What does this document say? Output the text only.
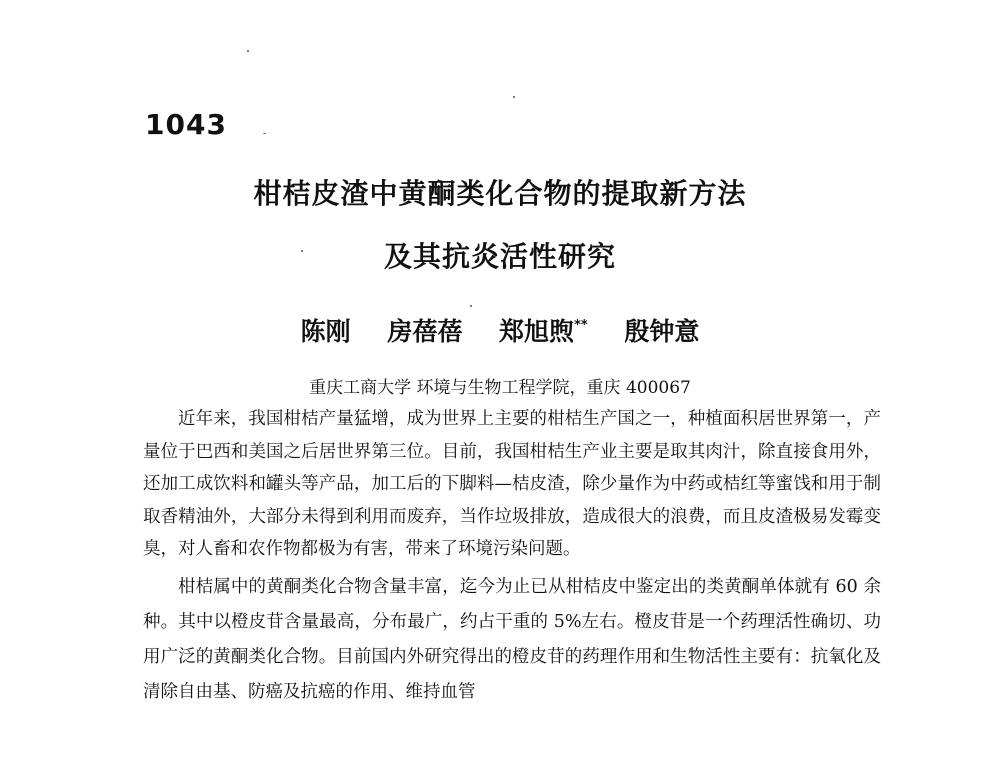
1043
柑桔皮渣中黄酮类化合物的提取新方法
及其抗炎活性研究
陈刚 房蓓蓓 郑旭煦** 殷钟意
重庆工商大学 环境与生物工程学院，重庆 400067

近年来，我国柑桔产量猛增，成为世界上主要的柑桔生产国之一，种植面积居世界第一，产量位于巴西和美国之后居世界第三位。目前，我国柑桔生产业主要是取其肉汁，除直接食用外，还加工成饮料和罐头等产品，加工后的下脚料—桔皮渣，除少量作为中药或桔红等蜜饯和用于制取香精油外，大部分未得到利用而废弃，当作垃圾排放，造成很大的浪费，而且皮渣极易发霉变臭，对人畜和农作物都极为有害，带来了环境污染问题。

柑桔属中的黄酮类化合物含量丰富，迄今为止已从柑桔皮中鉴定出的类黄酮单体就有 60 余种。其中以橙皮苷含量最高，分布最广，约占干重的 5%左右。橙皮苷是一个药理活性确切、功用广泛的黄酮类化合物。目前国内外研究得出的橙皮苷的药理作用和生物活性主要有：抗氧化及清除自由基、防癌及抗癌的作用、维持血管
